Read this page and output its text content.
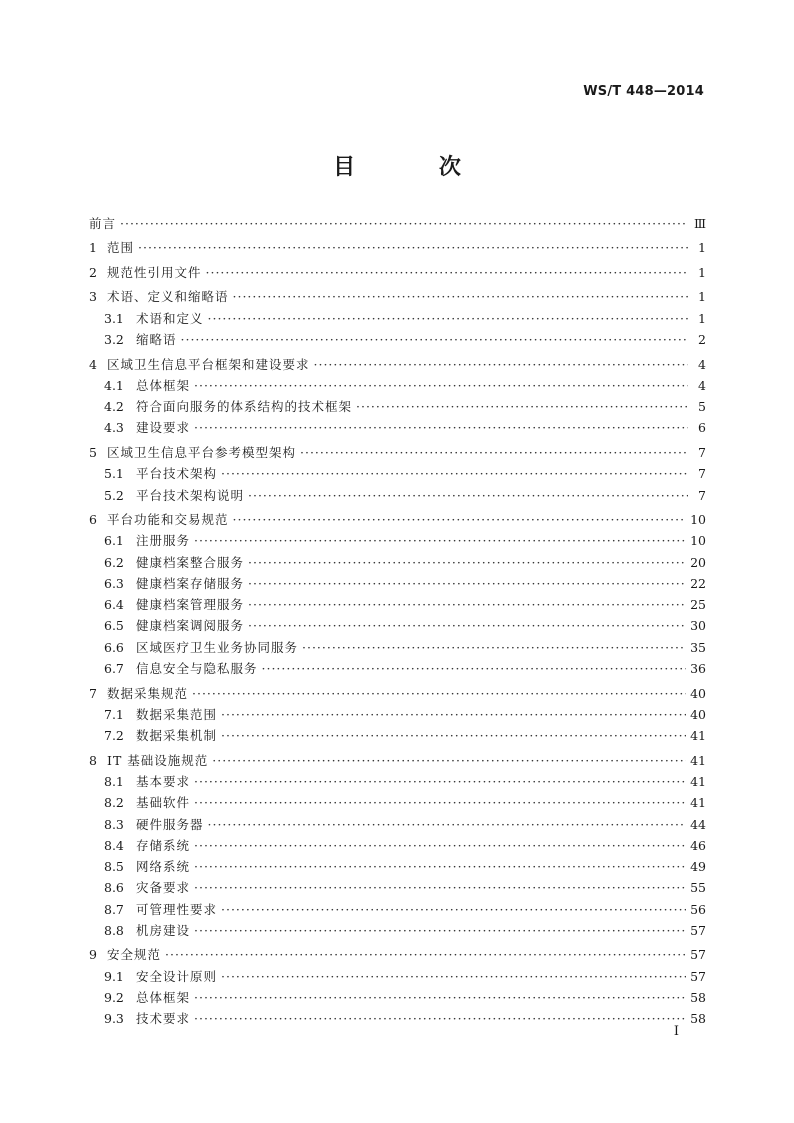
WS/T 448—2014
目 次
前言 ·····	Ⅲ
1 范围 ·····	1
2 规范性引用文件 ·····	1
3 术语、定义和缩略语 ·····	1
3.1 术语和定义 ·····	1
3.2 缩略语 ·····	2
4 区域卫生信息平台框架和建设要求 ·····	4
4.1 总体框架 ·····	4
4.2 符合面向服务的体系结构的技术框架 ·····	5
4.3 建设要求 ·····	6
5 区域卫生信息平台参考模型架构 ·····	7
5.1 平台技术架构 ·····	7
5.2 平台技术架构说明 ·····	7
6 平台功能和交易规范 ·····	10
6.1 注册服务 ·····	10
6.2 健康档案整合服务 ·····	20
6.3 健康档案存储服务 ·····	22
6.4 健康档案管理服务 ·····	25
6.5 健康档案调阅服务 ·····	30
6.6 区域医疗卫生业务协同服务 ·····	35
6.7 信息安全与隐私服务 ·····	36
7 数据采集规范 ·····	40
7.1 数据采集范围 ·····	40
7.2 数据采集机制 ·····	41
8 IT 基础设施规范 ·····	41
8.1 基本要求 ·····	41
8.2 基础软件 ·····	41
8.3 硬件服务器 ·····	44
8.4 存储系统 ·····	46
8.5 网络系统 ·····	49
8.6 灾备要求 ·····	55
8.7 可管理性要求 ·····	56
8.8 机房建设 ·····	57
9 安全规范 ·····	57
9.1 安全设计原则 ·····	57
9.2 总体框架 ·····	58
9.3 技术要求 ·····	58
I
